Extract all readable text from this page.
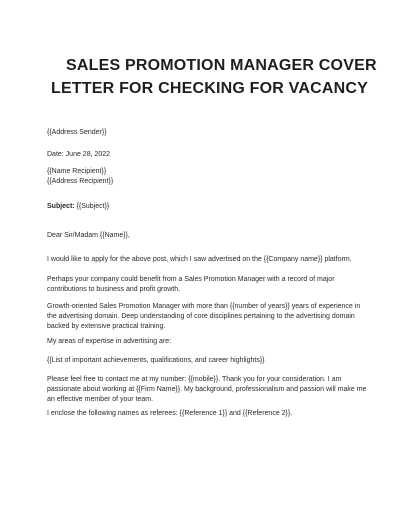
SALES PROMOTION MANAGER COVER
LETTER FOR CHECKING FOR VACANCY
{{Address Sender}}
Date: June 28, 2022
{{Name Recipient}}
{{Address Recipient}}
Subject: {{Subject}}
Dear Sir/Madam {{Name}},
I would like to apply for the above post, which I saw advertised on the {{Company name}} platform.
Perhaps your company could benefit from a Sales Promotion Manager with a record of major
contributions to business and profit growth.
Growth-oriented Sales Promotion Manager with more than {{number of years}} years of experience in
the advertising domain. Deep understanding of core disciplines pertaining to the advertising domain
backed by extensive practical training.
My areas of expertise in advertising are:
{{List of important achievements, qualifications, and career highlights}}
Please feel free to contact me at my number: {{mobile}}. Thank you for your consideration. I am
passionate about working at {{Firm Name}}. My background, professionalism and passion will make me
an effective member of your team.
I enclose the following names as referees: {{Reference 1}} and {{Reference 2}}.
